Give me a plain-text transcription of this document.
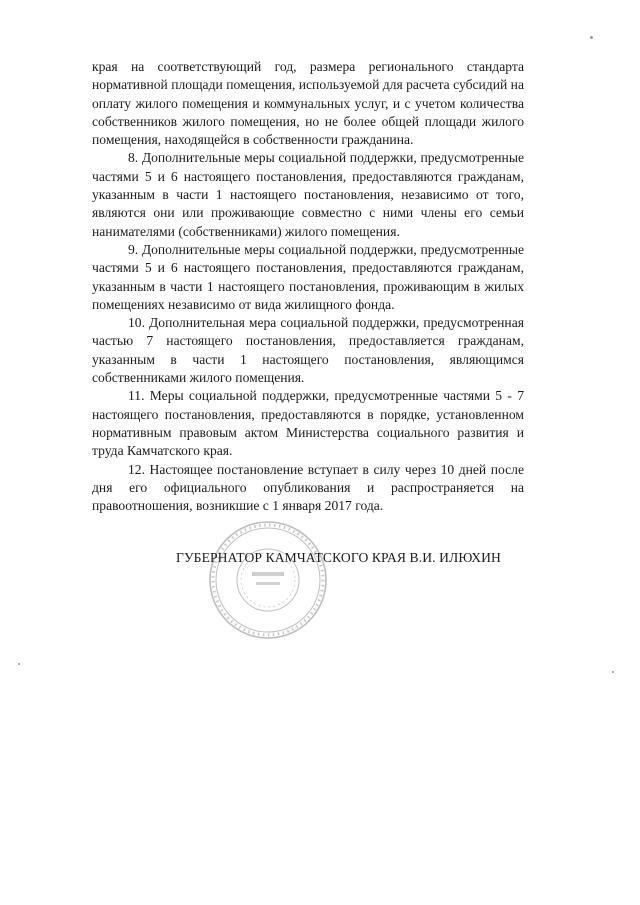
края на соответствующий год, размера регионального стандарта нормативной площади помещения, используемой для расчета субсидий на оплату жилого помещения и коммунальных услуг, и с учетом количества собственников жилого помещения, но не более общей площади жилого помещения, находящейся в собственности гражданина.

8. Дополнительные меры социальной поддержки, предусмотренные частями 5 и 6 настоящего постановления, предоставляются гражданам, указанным в части 1 настоящего постановления, независимо от того, являются они или проживающие совместно с ними члены его семьи нанимателями (собственниками) жилого помещения.

9. Дополнительные меры социальной поддержки, предусмотренные частями 5 и 6 настоящего постановления, предоставляются гражданам, указанным в части 1 настоящего постановления, проживающим в жилых помещениях независимо от вида жилищного фонда.

10. Дополнительная мера социальной поддержки, предусмотренная частью 7 настоящего постановления, предоставляется гражданам, указанным в части 1 настоящего постановления, являющимся собственниками жилого помещения.

11. Меры социальной поддержки, предусмотренные частями 5 - 7 настоящего постановления, предоставляются в порядке, установленном нормативным правовым актом Министерства социального развития и труда Камчатского края.

12. Настоящее постановление вступает в силу через 10 дней после дня его официального опубликования и распространяется на правоотношения, возникшие с 1 января 2017 года.

ГУБЕРНАТОР КАМЧАТСКОГО КРАЯ В.И. ИЛЮХИН
